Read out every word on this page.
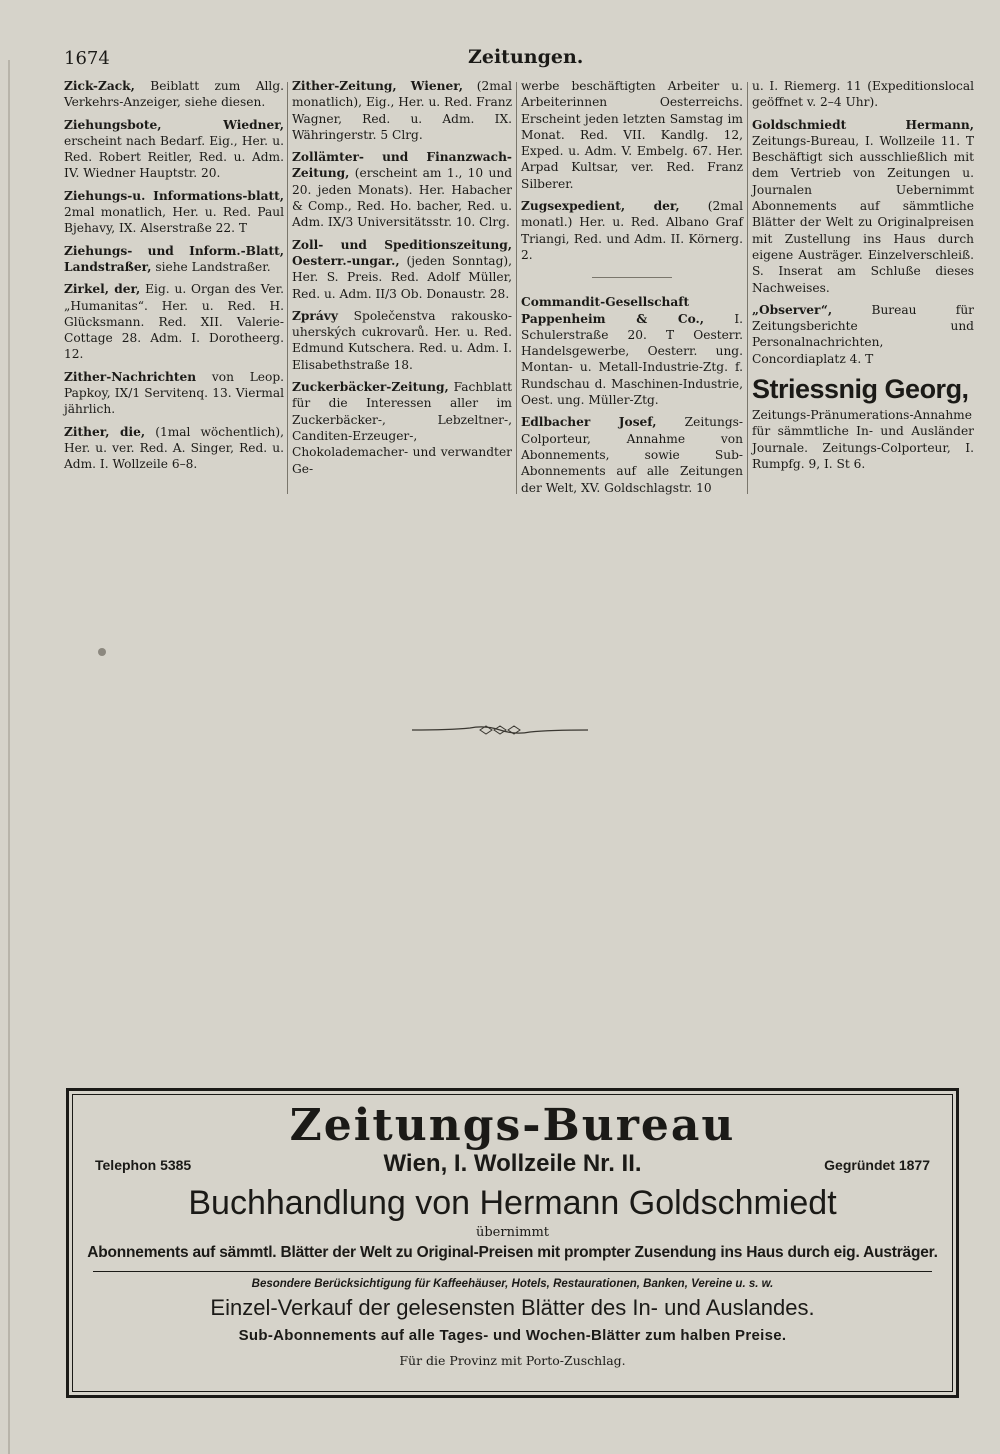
1674	Zeitungen.

Zick-Zack, Beiblatt zum Allg. Verkehrs-Anzeiger, siehe diesen.

Ziehungsbote, Wiedner, erscheint nach Bedarf. Eig., Her. u. Red. Robert Reitler, Red. u. Adm. IV. Wiedner Hauptstr. 20.

Ziehungs-u. Informations-blatt, 2mal monatlich, Her. u. Red. Paul Bjehavy, IX. Alserstraße 22. T

Ziehungs- und Inform.-Blatt, Landstraßer, siehe Landstraßer.

Zirkel, der, Eig. u. Organ des Ver. „Humanitas“. Her. u. Red. H. Glücksmann. Red. XII. Valerie-Cottage 28. Adm. I. Dorotheerg. 12.

Zither-Nachrichten von Leop. Papkoy, IX/1 Servitenq. 13. Viermal jährlich.

Zither, die, (1mal wöchentlich), Her. u. ver. Red. A. Singer, Red. u. Adm. I. Wollzeile 6–8.

Zither-Zeitung, Wiener, (2mal monatlich), Eig., Her. u. Red. Franz Wagner, Red. u. Adm. IX. Währingerstr. 5 Clrg.

Zollämter- und Finanzwach-Zeitung, (erscheint am 1., 10 und 20. jeden Monats). Her. Habacher & Comp., Red. Ho. bacher, Red. u. Adm. IX/3 Universitätsstr. 10. Clrg.

Zoll- und Speditionszeitung, Oesterr.-ungar., (jeden Sonntag), Her. S. Preis. Red. Adolf Müller, Red. u. Adm. II/3 Ob. Donaustr. 28.

Zprávy Společenstva rakousko-uherských cukrovarů. Her. u. Red. Edmund Kutschera. Red. u. Adm. I. Elisabethstraße 18.

Zuckerbäcker-Zeitung, Fachblatt für die Interessen aller im Zuckerbäcker-, Lebzeltner-, Canditen-Erzeuger-, Chokolademacher- und verwandter Ge-

werbe beschäftigten Arbeiter u. Arbeiterinnen Oesterreichs. Erscheint jeden letzten Samstag im Monat. Red. VII. Kandlg. 12, Exped. u. Adm. V. Embelg. 67. Her. Arpad Kultsar, ver. Red. Franz Silberer.

Zugsexpedient, der, (2mal monatl.) Her. u. Red. Albano Graf Triangi, Red. und Adm. II. Körnerg. 2.

Commandit-Gesellschaft Pappenheim & Co., I. Schulerstraße 20. T Oesterr. Handelsgewerbe, Oesterr. ung. Montan- u. Metall-Industrie-Ztg. f. Rundschau d. Maschinen-Industrie, Oest. ung. Müller-Ztg.

Edlbacher Josef, Zeitungs-Colporteur, Annahme von Abonnements, sowie Sub-Abonnements auf alle Zeitungen der Welt, XV. Goldschlagstr. 10

u. I. Riemerg. 11 (Expeditionslocal geöffnet v. 2–4 Uhr).

Goldschmiedt Hermann, Zeitungs-Bureau, I. Wollzeile 11. T Beschäftigt sich ausschließlich mit dem Vertrieb von Zeitungen u. Journalen Uebernimmt Abonnements auf sämmtliche Blätter der Welt zu Originalpreisen mit Zustellung ins Haus durch eigene Austräger. Einzelverschleiß. S. Inserat am Schluße dieses Nachweises.

„Observer“,	Bureau für Zeitungsberichte und Personalnachrichten, Concordiaplatz 4. T

Striessnig Georg,

Zeitungs-Pränumerations-Annahme für sämmtliche In- und Ausländer Journale. Zeitungs-Colporteur, I. Rumpfg. 9, I. St 6.

Zeitungs-Bureau
Telephon 5385	Wien, I. Wollzeile Nr. II.	Gegründet 1877
Buchhandlung von Hermann Goldschmiedt
übernimmt
Abonnements auf sämmtl. Blätter der Welt zu Original-Preisen mit prompter Zusendung ins Haus durch eig. Austräger.
Besondere Berücksichtigung für Kaffeehäuser, Hotels, Restaurationen, Banken, Vereine u. s. w.
Einzel-Verkauf der gelesensten Blätter des In- und Auslandes.
Sub-Abonnements auf alle Tages- und Wochen-Blätter zum halben Preise.
Für die Provinz mit Porto-Zuschlag.
